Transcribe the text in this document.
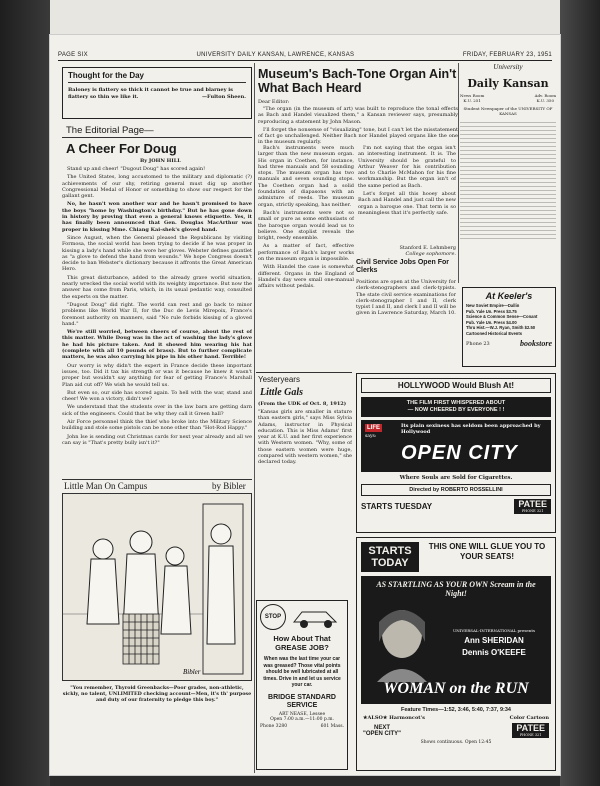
PAGE SIX	UNIVERSITY DAILY KANSAN, LAWRENCE, KANSAS	FRIDAY, FEBRUARY 23, 1951
Thought for the Day
Baloney is flattery so thick it cannot be true and blarney is flattery so thin we like it.	—Fulton Sheen.
The Editorial Page—
A Cheer For Doug
By JOHN HILL

Stand up and cheer! "Dugout Doug" has scored again!

The United States, long accustomed to the military and diplomatic (?) achievements of our shy, retiring general must dig up another Congressional Medal of Honor or something to show our respect for the gallant gent.

No, he hasn't won another war and he hasn't promised to have the boys "home by Washington's birthday." But he has gone down in history by proving that even a general knows etiquette. Yes, it has finally been announced that Gen. Douglas MacArthur was proper in kissing Mme. Chiang Kai-shek's gloved hand.

Since August, when the General pleased the Republicans by visiting Formosa, the social world has been trying to decide if he was proper in kissing a lady's hand while she wore her gloves. Webster defines gauntlet as "a glove to defend the hand from wounds." We hope Congress doesn't decide to ban Webster's dictionary because it affronts the Great American Hero.

This great disturbance, added to the already grave world situation, nearly wrecked the social world with its weighty importance. But now the answer has come from Paris, which, in its usual pedantic way, consulted the experts on the matter.

"Dugout Doug" did right. The world can rest and go back to minor problems like World War II, for the Duc de Levis Mirepoix, France's foremost authority on manners, said "No rule forbids kissing of a gloved hand."

We're still worried, between cheers of course, about the rest of this matter. While Doug was in the act of washing the lady's glove he had his picture taken. And it showed him wearing his hat (complete with all 10 pounds of brass). But to further complicate matters, he was also carrying his pipe in his other hand. Terrible!

Our worry is why didn't the expert in France decide these important issues, too. Did it tax his strength or was it because he knew it wasn't proper but wouldn't say anything for fear of getting France's Marshall Plan aid cut off? We wish he would tell us.

But even so, our side has scored again. To hell with the war, stand and cheer! We won a victory, didn't we?

We understand that the students over in the law barn are getting darn sick of the engineers. Could that be why they call it Green hall?

Air Force personnel think the thief who broke into the Military Science building and stole some pistols can be none other than "Hot-Rod Happy."

John Ise is sending out Christmas cards for next year already and all we can say is "That's pretty bully isn't it?"

Little Man On Campus	by Bibler
Bibler
"You remember, Thyroid Greenbacks—Poor grades, non-athletic, sickly, no talent, UNLIMITED checking account—Men, it's th' purpose and duty of our fraternity to pledge this boy."
Museum's Bach-Tone Organ Ain't What Bach Heard
Dear Editor:

"The organ (in the museum of art) was built to reproduce the tonal effects as Bach and Handel visualized them," a Kansan reviewer says, presumably reproducing a statement by John Mason.

I'll forget the nonsense of "visualizing" tone, but I can't let the misstatement of fact go unchallenged. Neither Bach nor Handel played organs like the one in the museum regularly.

Bach's instruments were much larger than the new museum organ. His organ in Coethen, for instance, had three manuals and 58 sounding stops. The museum organ has two manuals and seven sounding stops. The Coethen organ had a solid foundation of diapasons with an admixture of reeds. The museum organ, strictly speaking, has neither.

Bach's instruments were not so small or pure as some enthusiasts of the baroque organ would lead us to believe. One stoplist reveals the bright, reedy ensemble.

As a matter of fact, effective performance of Bach's larger works on the museum organ is impossible.

With Handel the case is somewhat different. Organs in the England of Handel's day were small one-manual affairs without pedals.

I'm not saying that the organ isn't an interesting instrument. It is. The University should be grateful to Arthur Weaver for his contribution and to Charlie McMahon for his fine workmanship. But the organ isn't of the same period as Bach.

Let's forget all this hooey about Bach and Handel and just call the new organ a baroque one. That term is so meaningless that it's perfectly safe.

Stanford E. Lehmberg
College sophomore.
Civil Service Jobs Open For Clerks
Positions are open at the University for clerk-stenographers and clerk-typists. The state civil service examinations for clerk-stenographer I and II, clerk typist I and II, and clerk I and II will be given in Lawrence Saturday, March 10.
Yesteryears
Little Gals
(From the UDK of Oct. 8, 1912)
"Kansas girls are smaller in stature than eastern girls," says Miss Sylvia Adams, instructor in Physical education. This is Miss Adams' first year at K.U. and her first experience with Western women. "Why, some of those eastern women were huge, compared with western women," she declared today.
STOP
How About That GREASE JOB?
When was the last time your car was greased? Those vital points should be well lubricated at all times. Drive in and let us service your car.
BRIDGE STANDARD SERVICE
ART NEASE, Lessee
Open 7:00 a.m.—11:00 p.m.
Phone 3280	601 Mass.
University
Daily Kansan
News Room
K.U. 251
Adv. Room
K.U. 350
Student Newspaper of the UNIVERSITY OF KANSAS
At Keeler's
New Soviet Empire—Dallin
Pub. Yale Un. Press $3.75
Science & Common Sense—Conant
Pub. Yale Un. Press $4.00
Thru Hist.—W.J. Ryan, Smith $2.50
Cartooned Historical Events
Phone 23	bookstore
HOLLYWOOD Would Blush At!
THE FILM FIRST WHISPERED ABOUT
— NOW CHEERED BY EVERYONE ! !
LIFE
says:
Its plain sexiness has seldom been approached by Hollywood
OPEN CITY
Where Souls are Sold for Cigarettes.
Directed by ROBERTO ROSSELLINI
STARTS TUESDAY	PATEE
PHONE 321
STARTS TODAY
THIS ONE WILL GLUE YOU TO YOUR SEATS!
AS STARTLING AS YOUR OWN Scream in the Night!
UNIVERSAL-INTERNATIONAL presents
Ann SHERIDAN
Dennis O'KEEFE
WOMAN on the RUN
Feature Times—1:52, 3:46, 5:40, 7:37, 9:34
★ALSO★ Harmoncot's	Color Cartoon
NEXT
"OPEN CITY"
PATEE
PHONE 321
Shows continuous. Open 12:45
